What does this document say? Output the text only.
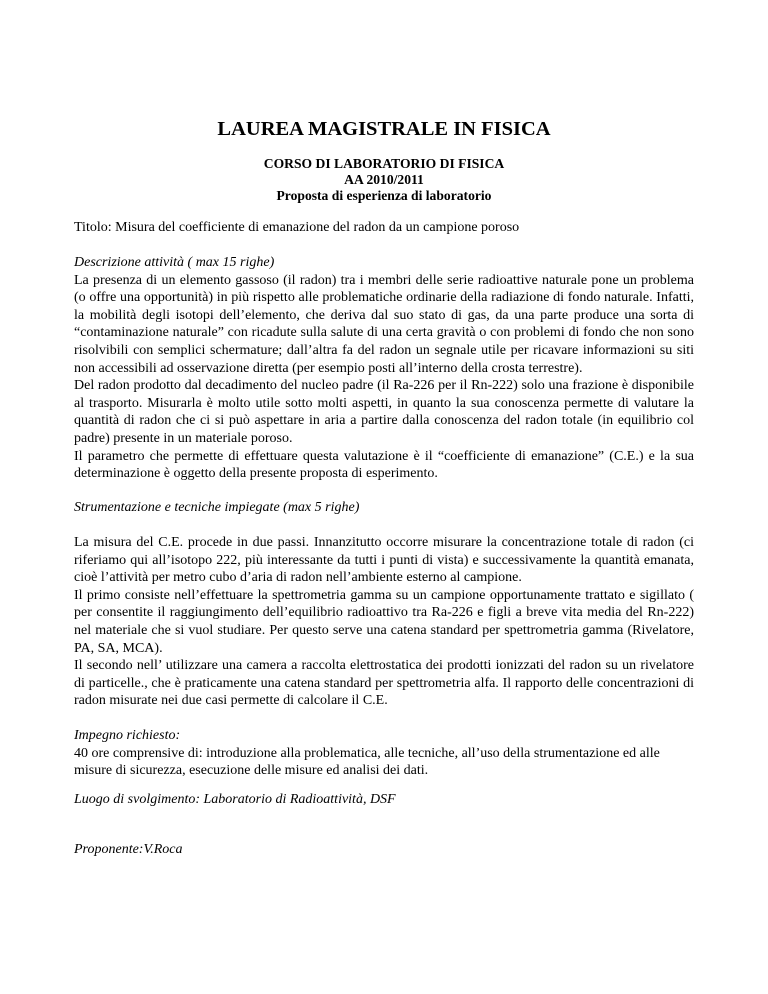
LAUREA MAGISTRALE IN FISICA
CORSO DI LABORATORIO DI FISICA
AA 2010/2011
Proposta di esperienza di laboratorio
Titolo: Misura del coefficiente di emanazione del radon da un campione poroso
Descrizione attività ( max 15 righe)

La presenza di un elemento gassoso (il radon) tra i membri delle serie radioattive naturale pone un problema (o offre una opportunità) in più rispetto alle problematiche ordinarie della radiazione di fondo naturale. Infatti, la mobilità degli isotopi dell’elemento, che deriva dal suo stato di gas, da una parte produce una sorta di “contaminazione naturale” con ricadute sulla salute di una certa gravità o con problemi di fondo che non sono risolvibili con semplici schermature; dall’altra fa del radon un segnale utile per ricavare informazioni su siti non accessibili ad osservazione diretta (per esempio posti all’interno della crosta terrestre).

Del radon prodotto dal decadimento del nucleo padre (il Ra-226 per il Rn-222) solo una frazione è disponibile al trasporto. Misurarla è molto utile sotto molti aspetti, in quanto la sua conoscenza permette di valutare la quantità di radon che ci si può aspettare in aria a partire dalla conoscenza del radon totale (in equilibrio col padre) presente in un materiale poroso.

Il parametro che permette di effettuare questa valutazione è il “coefficiente di emanazione” (C.E.) e la sua determinazione è oggetto della presente proposta di esperimento.

Strumentazione e tecniche impiegate (max 5 righe)

La misura del C.E. procede in due passi. Innanzitutto occorre misurare la concentrazione totale di radon (ci riferiamo qui all’isotopo 222, più interessante da tutti i punti di vista) e successivamente la quantità emanata, cioè l’attività per metro cubo d’aria di radon nell’ambiente esterno al campione.

Il primo consiste nell’effettuare la spettrometria gamma su un campione opportunamente trattato e sigillato ( per consentite il raggiungimento dell’equilibrio radioattivo tra Ra-226 e figli a breve vita media del Rn-222) nel materiale che si vuol studiare. Per questo serve una catena standard per spettrometria gamma (Rivelatore, PA, SA, MCA).

Il secondo nell’ utilizzare una camera a raccolta elettrostatica dei prodotti ionizzati del radon su un rivelatore di particelle., che è praticamente una catena standard per spettrometria alfa. Il rapporto delle concentrazioni di radon misurate nei due casi permette di calcolare il C.E.

Impegno richiesto:

40 ore comprensive di: introduzione alla problematica, alle tecniche, all’uso della strumentazione ed alle misure di sicurezza, esecuzione delle misure ed analisi dei dati.

Luogo di svolgimento: Laboratorio di Radioattività, DSF
Proponente:V.Roca
